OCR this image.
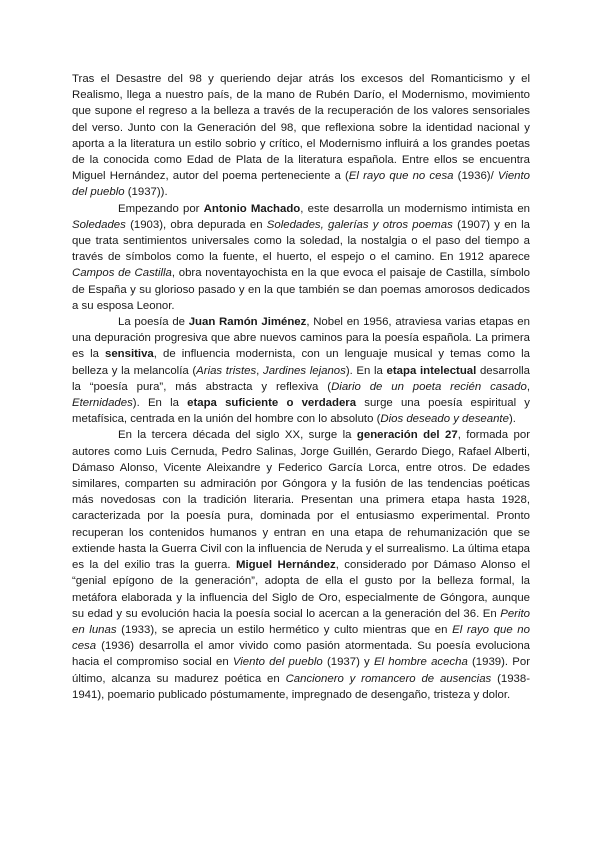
Tras el Desastre del 98 y queriendo dejar atrás los excesos del Romanticismo y el Realismo, llega a nuestro país, de la mano de Rubén Darío, el Modernismo, movimiento que supone el regreso a la belleza a través de la recuperación de los valores sensoriales del verso. Junto con la Generación del 98, que reflexiona sobre la identidad nacional y aporta a la literatura un estilo sobrio y crítico, el Modernismo influirá a los grandes poetas de la conocida como Edad de Plata de la literatura española. Entre ellos se encuentra Miguel Hernández, autor del poema perteneciente a (El rayo que no cesa (1936)/ Viento del pueblo (1937)).

Empezando por Antonio Machado, este desarrolla un modernismo intimista en Soledades (1903), obra depurada en Soledades, galerías y otros poemas (1907) y en la que trata sentimientos universales como la soledad, la nostalgia o el paso del tiempo a través de símbolos como la fuente, el huerto, el espejo o el camino. En 1912 aparece Campos de Castilla, obra noventayochista en la que evoca el paisaje de Castilla, símbolo de España y su glorioso pasado y en la que también se dan poemas amorosos dedicados a su esposa Leonor.

La poesía de Juan Ramón Jiménez, Nobel en 1956, atraviesa varias etapas en una depuración progresiva que abre nuevos caminos para la poesía española. La primera es la sensitiva, de influencia modernista, con un lenguaje musical y temas como la belleza y la melancolía (Arias tristes, Jardines lejanos). En la etapa intelectual desarrolla la “poesía pura”, más abstracta y reflexiva (Diario de un poeta recién casado, Eternidades). En la etapa suficiente o verdadera surge una poesía espiritual y metafísica, centrada en la unión del hombre con lo absoluto (Dios deseado y deseante).

En la tercera década del siglo XX, surge la generación del 27, formada por autores como Luis Cernuda, Pedro Salinas, Jorge Guillén, Gerardo Diego, Rafael Alberti, Dámaso Alonso, Vicente Aleixandre y Federico García Lorca, entre otros. De edades similares, comparten su admiración por Góngora y la fusión de las tendencias poéticas más novedosas con la tradición literaria. Presentan una primera etapa hasta 1928, caracterizada por la poesía pura, dominada por el entusiasmo experimental. Pronto recuperan los contenidos humanos y entran en una etapa de rehumanización que se extiende hasta la Guerra Civil con la influencia de Neruda y el surrealismo. La última etapa es la del exilio tras la guerra. Miguel Hernández, considerado por Dámaso Alonso el “genial epígono de la generación”, adopta de ella el gusto por la belleza formal, la metáfora elaborada y la influencia del Siglo de Oro, especialmente de Góngora, aunque su edad y su evolución hacia la poesía social lo acercan a la generación del 36. En Perito en lunas (1933), se aprecia un estilo hermético y culto mientras que en El rayo que no cesa (1936) desarrolla el amor vivido como pasión atormentada. Su poesía evoluciona hacia el compromiso social en Viento del pueblo (1937) y El hombre acecha (1939). Por último, alcanza su madurez poética en Cancionero y romancero de ausencias (1938-1941), poemario publicado póstumamente, impregnado de desengaño, tristeza y dolor.
